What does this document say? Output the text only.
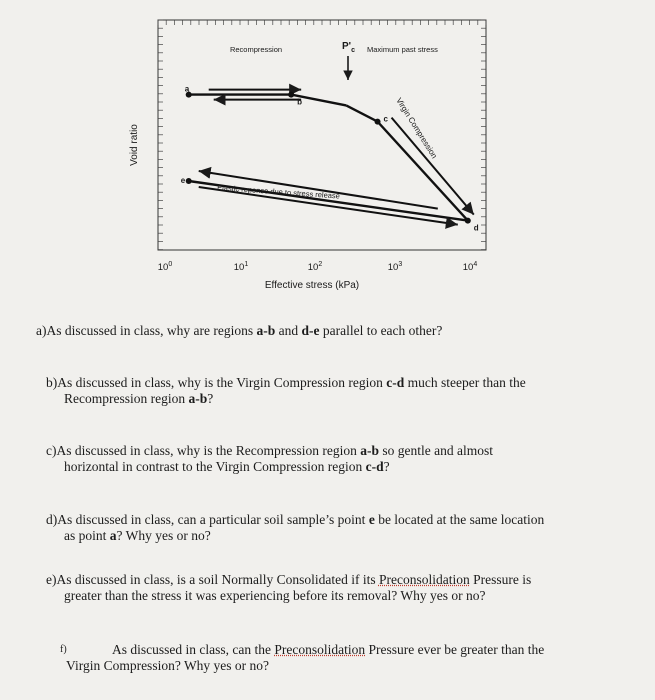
Void ratio
Effective stress (kPa)
$10^0$	$10^1$	$10^2$	$10^3$	$10^4$
a
b
c
d
e
Recompression	$P'_c$ Maximum past stress
Virgin Compression
Elastic reponse due to stress release
a)As discussed in class, why are regions a-b and d-e parallel to each other?
b)As discussed in class, why is the Virgin Compression region c-d much steeper than the
Recompression region a-b?
c)As discussed in class, why is the Recompression region a-b so gentle and almost
horizontal in contrast to the Virgin Compression region c-d?
d)As discussed in class, can a particular soil sample’s point e be located at the same location
as point a? Why yes or no?
e)As discussed in class, is a soil Normally Consolidated if its Preconsolidation Pressure is
greater than the stress it was experiencing before its removal? Why yes or no?
f)	As discussed in class, can the Preconsolidation Pressure ever be greater than the
Virgin Compression? Why yes or no?
